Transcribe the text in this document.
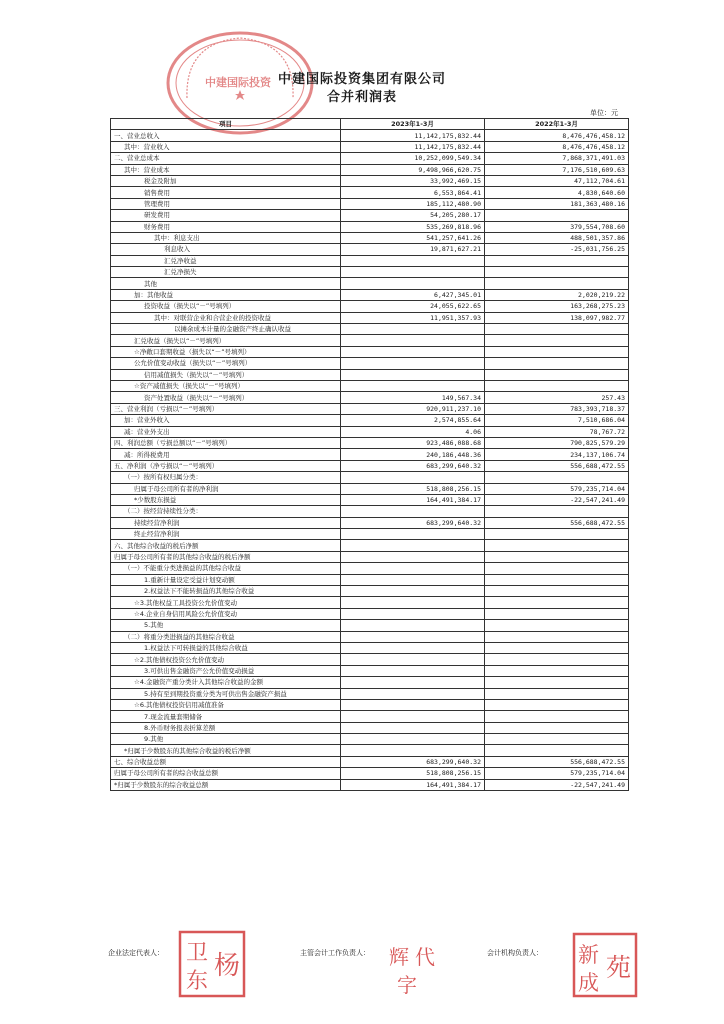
中建国际投资 中建国际投资集团有限公司
合并利润表
单位：元
项目	2023年1-3月	2022年1-3月
一、营业总收入	11,142,175,832.44	8,476,476,458.12
其中：营业收入	11,142,175,832.44	8,476,476,458.12
二、营业总成本	10,252,099,549.34	7,868,371,491.03
其中：营业成本	9,498,966,620.75	7,176,510,609.63
税金及附加	33,992,469.15	47,112,704.61
销售费用	6,553,864.41	4,830,640.60
管理费用	185,112,480.90	181,363,480.16
研发费用	54,205,280.17	
财务费用	535,269,818.96	379,554,708.60
其中：利息支出	541,257,641.26	488,501,357.86
利息收入	19,871,627.21	-25,031,756.25
汇兑净收益		
汇兑净损失		
其他		
加：其他收益	6,427,345.01	2,020,219.22
投资收益（损失以“－”号填列）	24,055,622.65	163,268,275.23
其中：对联营企业和合营企业的投资收益	11,951,357.93	138,097,982.77
以摊余成本计量的金融资产终止确认收益		
汇兑收益（损失以“－”号填列）		
☆净敞口套期收益（损失以“－”号填列）		
公允价值变动收益（损失以“－”号填列）		
信用减值损失（损失以“－”号填列）		
☆资产减值损失（损失以“－”号填列）		
资产处置收益（损失以“－”号填列）	149,567.34	257.43
三、营业利润（亏损以“－”号填列）	920,911,237.10	783,393,718.37
加：营业外收入	2,574,855.64	7,510,686.04
减：营业外支出	4.06	78,767.72
四、利润总额（亏损总额以“－”号填列）	923,486,088.68	790,825,579.29
减：所得税费用	240,186,448.36	234,137,106.74
五、净利润（净亏损以“－”号填列）	683,299,640.32	556,688,472.55
（一）按所有权归属分类：		
归属于母公司所有者的净利润	518,808,256.15	579,235,714.04
*少数股东损益	164,491,384.17	-22,547,241.49
（二）按经营持续性分类：		
持续经营净利润	683,299,640.32	556,688,472.55
终止经营净利润		
六、其他综合收益的税后净额		
归属于母公司所有者的其他综合收益的税后净额		
（一）不能重分类进损益的其他综合收益		
1.重新计量设定受益计划变动额		
2.权益法下不能转损益的其他综合收益		
☆3.其他权益工具投资公允价值变动		
☆4.企业自身信用风险公允价值变动		
5.其他		
（二）将重分类进损益的其他综合收益		
1.权益法下可转损益的其他综合收益		
☆2.其他债权投资公允价值变动		
3.可供出售金融资产公允价值变动损益		
☆4.金融资产重分类计入其他综合收益的金额		
5.持有至到期投资重分类为可供出售金融资产损益		
☆6.其他债权投资信用减值准备		
7.现金流量套期储备		
8.外币财务报表折算差额		
9.其他		
*归属于少数股东的其他综合收益的税后净额		
七、综合收益总额	683,299,640.32	556,688,472.55
归属于母公司所有者的综合收益总额	518,808,256.15	579,235,714.04
*归属于少数股东的综合收益总额	164,491,384.17	-22,547,241.49
企业法定代表人：	主管会计工作负责人：	会计机构负责人：
卫
东
杨	辉 代
字
新
成
苑
